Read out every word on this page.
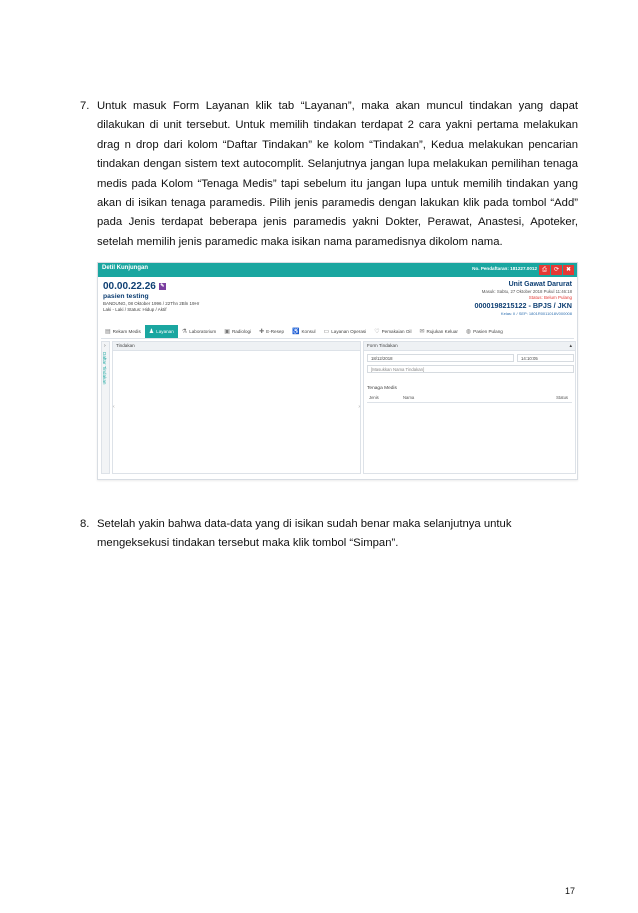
7. Untuk masuk Form Layanan klik tab “Layanan”, maka akan muncul tindakan yang dapat dilakukan di unit tersebut. Untuk memilih tindakan terdapat 2 cara yakni pertama melakukan drag n drop dari kolom “Daftar Tindakan” ke kolom “Tindakan”, Kedua melakukan pencarian tindakan dengan sistem text autocomplit. Selanjutnya jangan lupa melakukan pemilihan tenaga medis pada Kolom “Tenaga Medis” tapi sebelum itu jangan lupa untuk memilih tindakan yang akan di isikan tenaga paramedis. Pilih jenis paramedis dengan lakukan klik pada tombol “Add” pada Jenis terdapat beberapa jenis paramedis yakni Dokter, Perawat, Anastesi, Apoteker, setelah memilih jenis paramedic maka isikan nama paramedisnya dikolom nama.
Detil Kunjungan	No. Pendaftaran: 181227.0012 ⎙	⟳	✖
00.00.22.26 ✎
pasien testing
BANDUNG, 08 Oktober 1996 / 22Thn 2Bln 19Hr
Laki - Laki / Status: Hidup / Aktif
Unit Gawat Darurat
Masuk: Sabtu, 27 Oktober 2018 Pukul 11:46:18
Status: Belum Pulang
0000198215122 - BPJS / JKN
Kelas: II / SEP: 1801R0011018V000008
▤ Rekam Medis ♟ Layanan ⚗ Laboratorium ▣ Radiologi ✚ E-Resep ♿ Konsul ▭ Layanan Operasi ♡ Pemakaian Oil ✉ Rujukan Keluar ◍ Pasien Pulang
›
Daftar Tindakan
Tindakan
‹	›
Form Tindakan	▴
18/12/2018	14:10:05
[Masukkan Nama Tindakan]
Tenaga Medis
Jenis	Nama	Status
8. Setelah yakin bahwa data-data yang di isikan sudah benar maka selanjutnya untuk mengeksekusi tindakan tersebut maka klik tombol “Simpan”.
17
